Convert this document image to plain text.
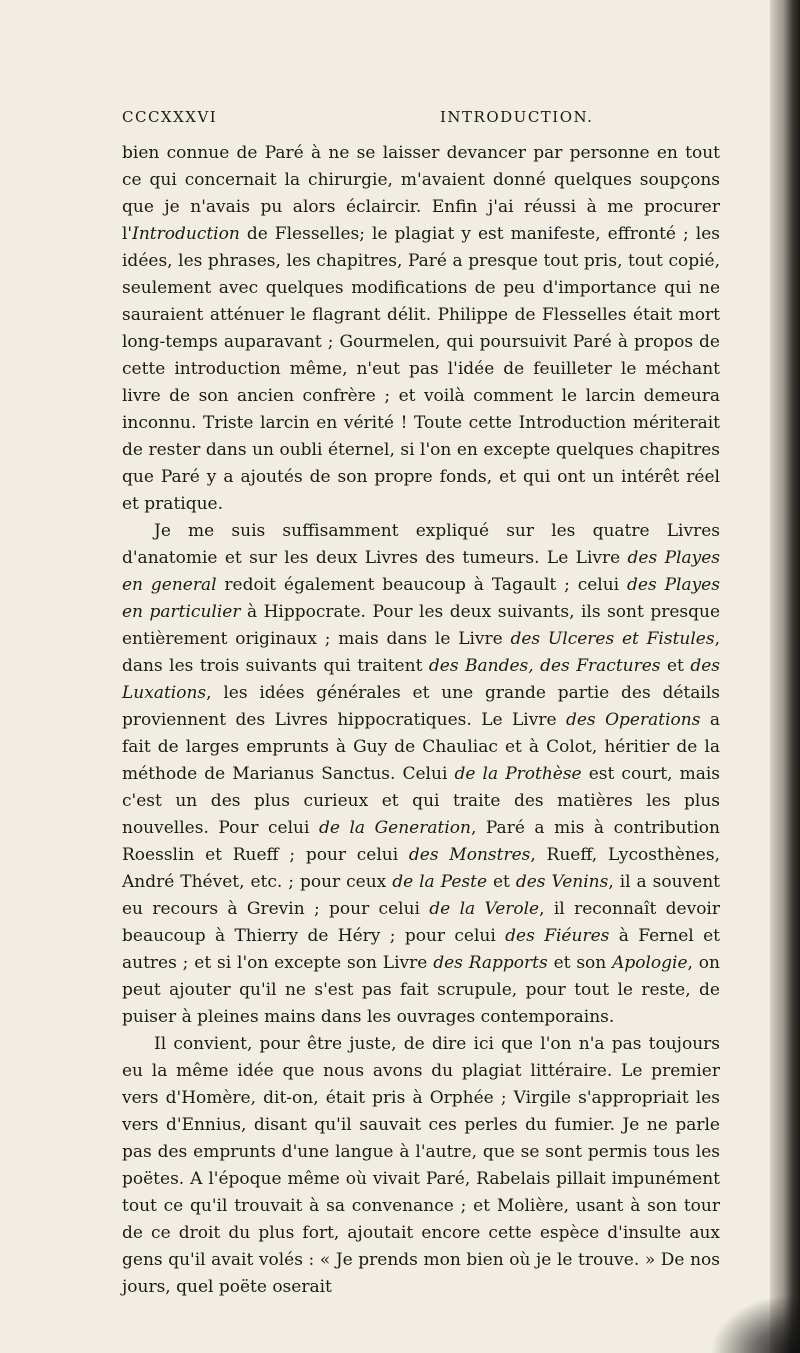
CCCXXXVI	INTRODUCTION.

bien connue de Paré à ne se laisser devancer par personne en tout ce qui concernait la chirurgie, m'avaient donné quelques soupçons que je n'avais pu alors éclaircir. Enfin j'ai réussi à me procurer l'Introduction de Flesselles; le plagiat y est manifeste, effronté ; les idées, les phrases, les chapitres, Paré a presque tout pris, tout copié, seulement avec quelques modifications de peu d'importance qui ne sauraient atténuer le flagrant délit. Philippe de Flesselles était mort long-temps auparavant ; Gourmelen, qui poursuivit Paré à propos de cette introduction même, n'eut pas l'idée de feuilleter le méchant livre de son ancien confrère ; et voilà comment le larcin demeura inconnu. Triste larcin en vérité ! Toute cette Introduction mériterait de rester dans un oubli éternel, si l'on en excepte quelques chapitres que Paré y a ajoutés de son propre fonds, et qui ont un intérêt réel et pratique.

Je me suis suffisamment expliqué sur les quatre Livres d'anatomie et sur les deux Livres des tumeurs. Le Livre des Playes en general redoit également beaucoup à Tagault ; celui des Playes en particulier à Hippocrate. Pour les deux suivants, ils sont presque entièrement originaux ; mais dans le Livre des Ulceres et Fistules, dans les trois suivants qui traitent des Bandes, des Fractures et des Luxations, les idées générales et une grande partie des détails proviennent des Livres hippocratiques. Le Livre des Operations a fait de larges emprunts à Guy de Chauliac et à Colot, héritier de la méthode de Marianus Sanctus. Celui de la Prothèse est court, mais c'est un des plus curieux et qui traite des matières les plus nouvelles. Pour celui de la Generation, Paré a mis à contribution Roesslin et Rueff ; pour celui des Monstres, Rueff, Lycosthènes, André Thévet, etc. ; pour ceux de la Peste et des Venins, il a souvent eu recours à Grevin ; pour celui de la Verole, il reconnaît devoir beaucoup à Thierry de Héry ; pour celui des Fiéures à Fernel et autres ; et si l'on excepte son Livre des Rapports et son Apologie, on peut ajouter qu'il ne s'est pas fait scrupule, pour tout le reste, de puiser à pleines mains dans les ouvrages contemporains.

Il convient, pour être juste, de dire ici que l'on n'a pas toujours eu la même idée que nous avons du plagiat littéraire. Le premier vers d'Homère, dit-on, était pris à Orphée ; Virgile s'appropriait les vers d'Ennius, disant qu'il sauvait ces perles du fumier. Je ne parle pas des emprunts d'une langue à l'autre, que se sont permis tous les poëtes. A l'époque même où vivait Paré, Rabelais pillait impunément tout ce qu'il trouvait à sa convenance ; et Molière, usant à son tour de ce droit du plus fort, ajoutait encore cette espèce d'insulte aux gens qu'il avait volés : « Je prends mon bien où je le trouve. » De nos jours, quel poëte oserait
